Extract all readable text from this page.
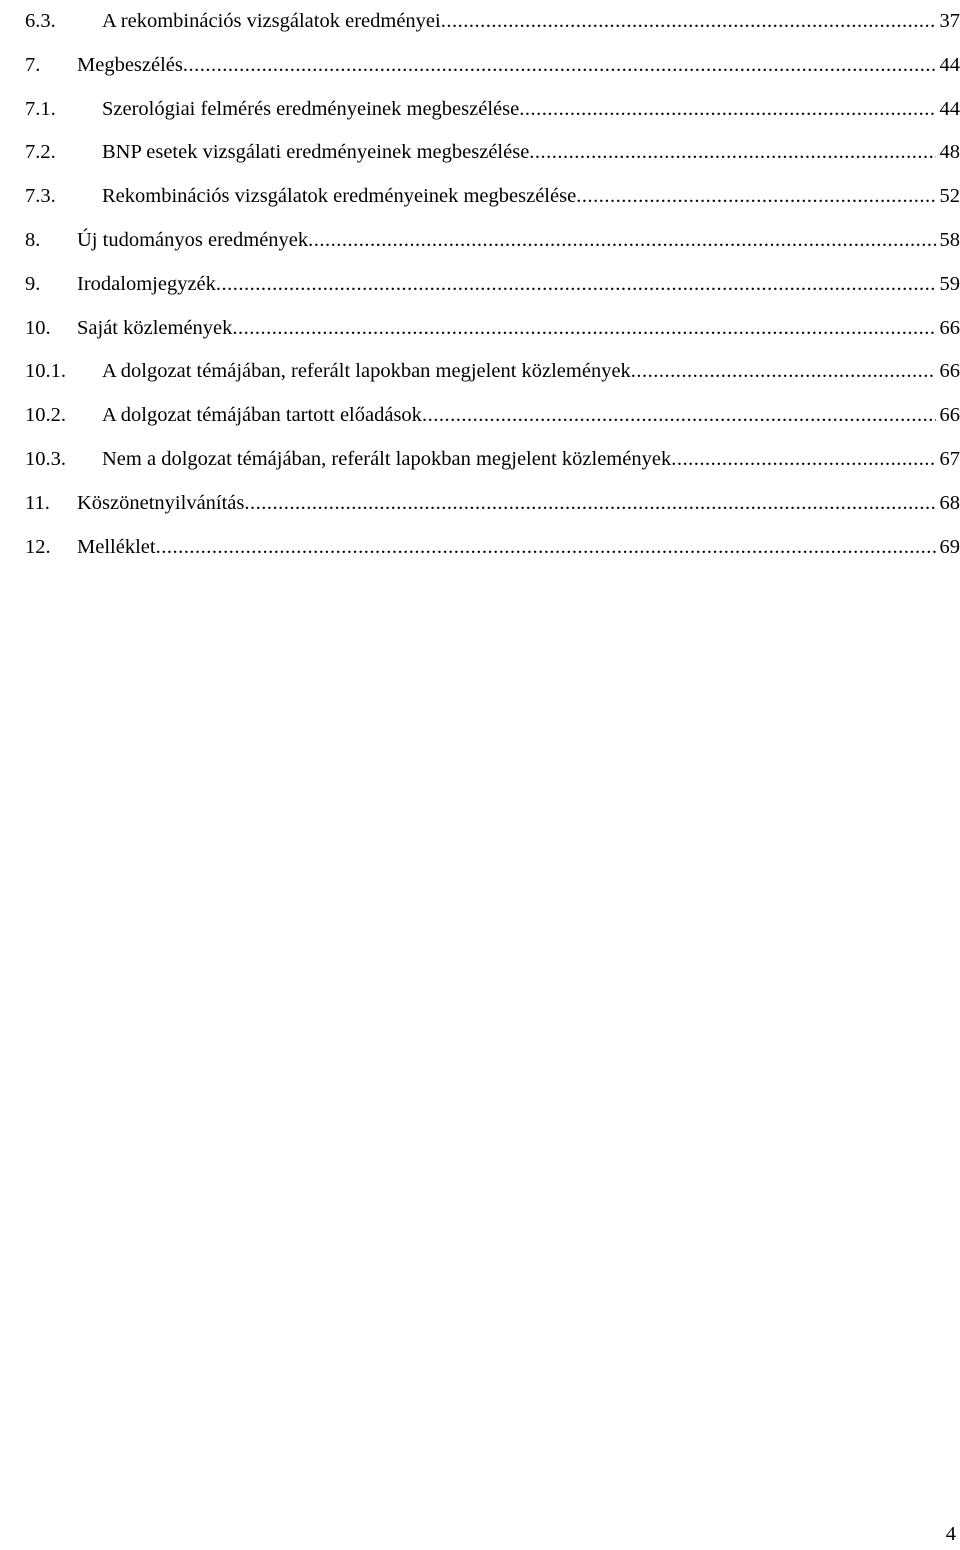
6.3. A rekombinációs vizsgálatok eredményei .....	37
7. Megbeszélés .....	44
7.1. Szerológiai felmérés eredményeinek megbeszélése .....	44
7.2. BNP esetek vizsgálati eredményeinek megbeszélése .....	48
7.3. Rekombinációs vizsgálatok eredményeinek megbeszélése .....	52
8. Új tudományos eredmények .....	58
9. Irodalomjegyzék .....	59
10. Saját közlemények .....	66
10.1. A dolgozat témájában, referált lapokban megjelent közlemények .....	66
10.2. A dolgozat témájában tartott előadások .....	66
10.3. Nem a dolgozat témájában, referált lapokban megjelent közlemények .....	67
11. Köszönetnyilvánítás .....	68
12. Melléklet .....	69
4
